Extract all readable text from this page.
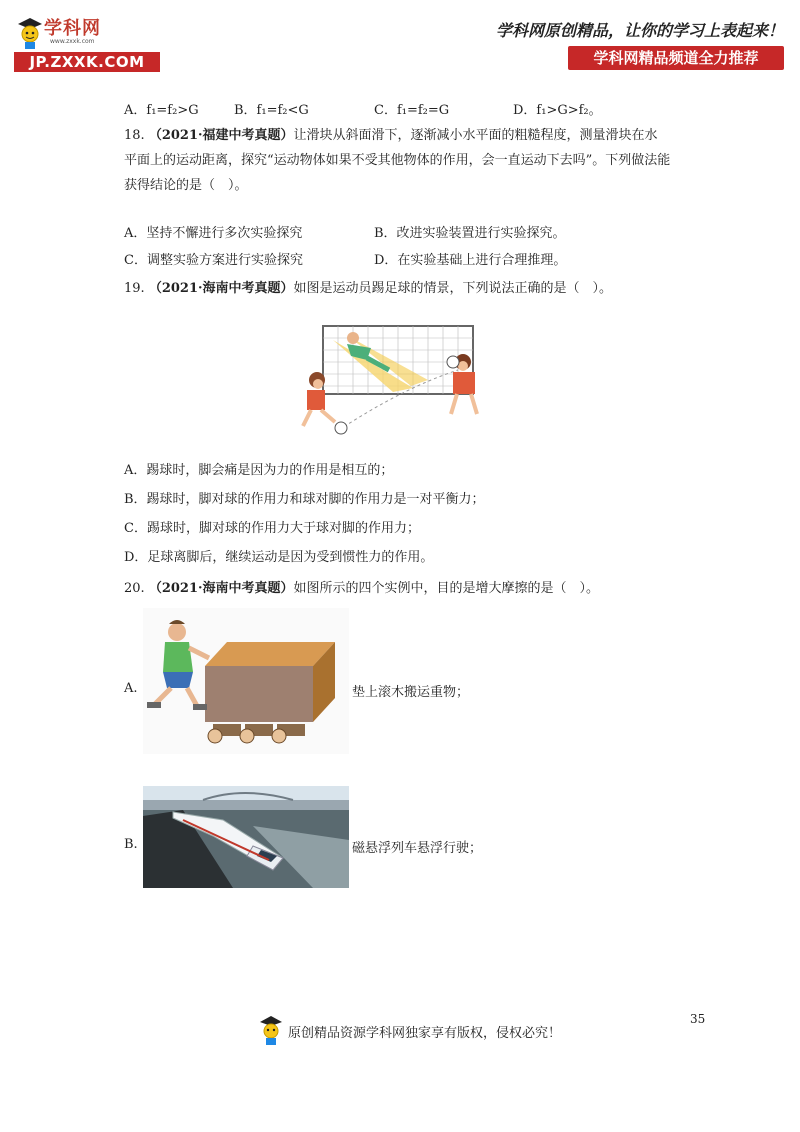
学科网
www.zxxk.com
JP.ZXXK.COM
学科网原创精品，让你的学习上表起来！
学科网精品频道全力推荐
A．f₁=f₂>G	B．f₁=f₂<G	C．f₁=f₂=G	D．f₁>G>f₂。
18. （2021·福建中考真题）让滑块从斜面滑下，逐渐减小水平面的粗糙程度，测量滑块在水
平面上的运动距离，探究“运动物体如果不受其他物体的作用，会一直运动下去吗”。下列做法能
获得结论的是（　）。
A．坚持不懈进行多次实验探究	B．改进实验装置进行实验探究。
C．调整实验方案进行实验探究	D．在实验基础上进行合理推理。
19. （2021·海南中考真题）如图是运动员踢足球的情景，下列说法正确的是（　）。
A．踢球时，脚会痛是因为力的作用是相互的；
B．踢球时，脚对球的作用力和球对脚的作用力是一对平衡力；
C．踢球时，脚对球的作用力大于球对脚的作用力；
D．足球离脚后，继续运动是因为受到惯性力的作用。
20. （2021·海南中考真题）如图所示的四个实例中，目的是增大摩擦的是（　）。
A.	垫上滚木搬运重物；
B.	磁悬浮列车悬浮行驶；
35
原创精品资源学科网独家享有版权，侵权必究！
